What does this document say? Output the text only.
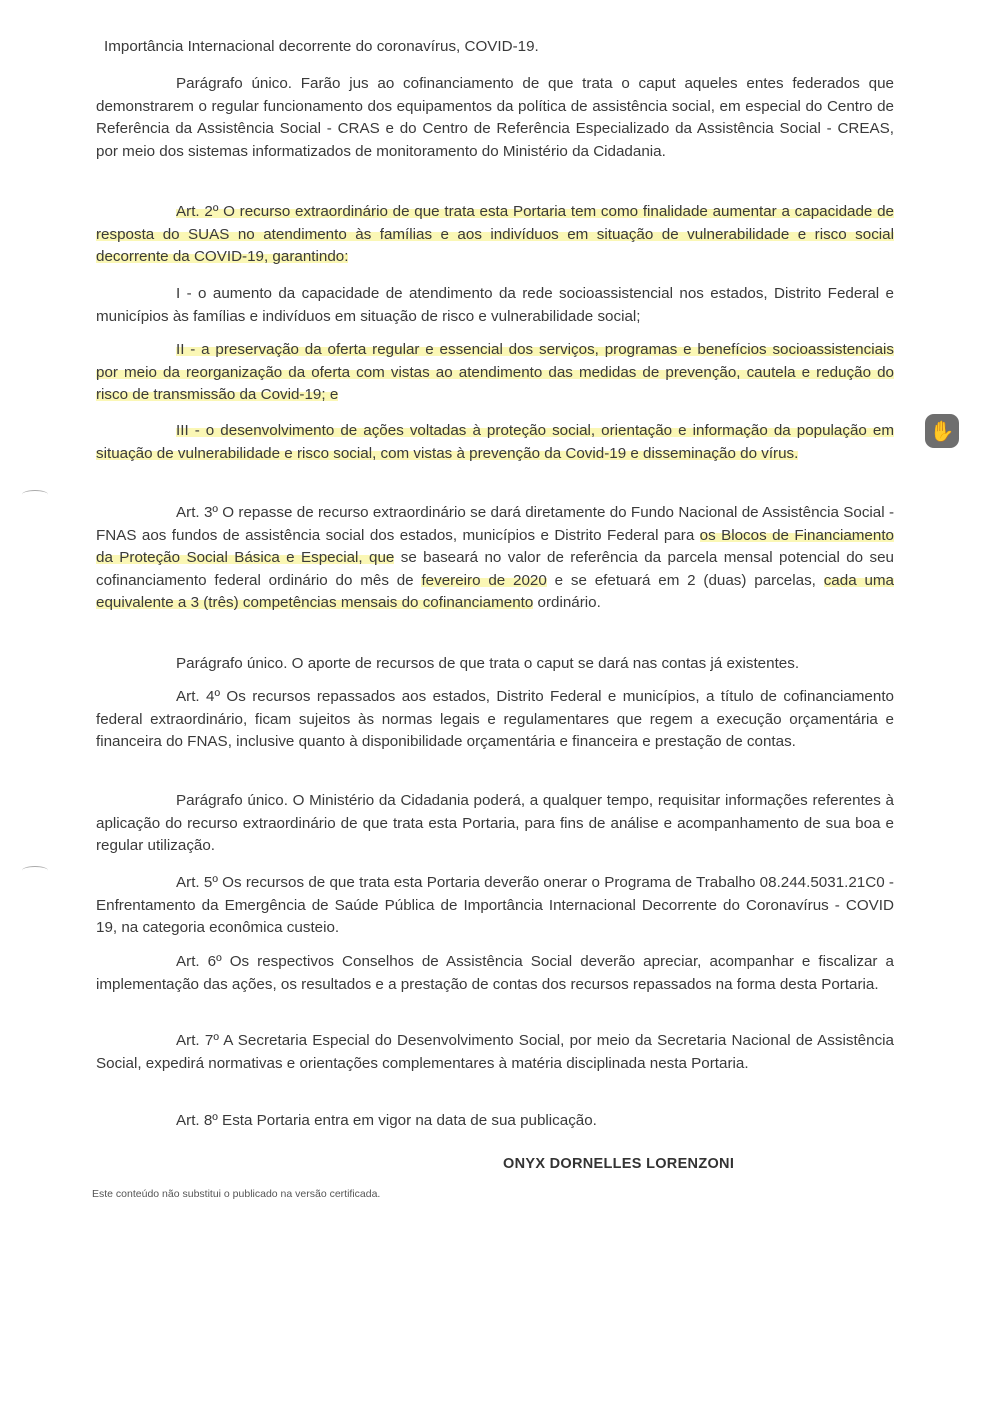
Importância Internacional decorrente do coronavírus, COVID-19.

Parágrafo único. Farão jus ao cofinanciamento de que trata o caput aqueles entes federados que demonstrarem o regular funcionamento dos equipamentos da política de assistência social, em especial do Centro de Referência da Assistência Social - CRAS e do Centro de Referência Especializado da Assistência Social - CREAS, por meio dos sistemas informatizados de monitoramento do Ministério da Cidadania.

Art. 2º O recurso extraordinário de que trata esta Portaria tem como finalidade aumentar a capacidade de resposta do SUAS no atendimento às famílias e aos indivíduos em situação de vulnerabilidade e risco social decorrente da COVID-19, garantindo:

I - o aumento da capacidade de atendimento da rede socioassistencial nos estados, Distrito Federal e municípios às famílias e indivíduos em situação de risco e vulnerabilidade social;

II - a preservação da oferta regular e essencial dos serviços, programas e benefícios socioassistenciais por meio da reorganização da oferta com vistas ao atendimento das medidas de prevenção, cautela e redução do risco de transmissão da Covid-19; e

III - o desenvolvimento de ações voltadas à proteção social, orientação e informação da população em situação de vulnerabilidade e risco social, com vistas à prevenção da Covid-19 e disseminação do vírus.

Art. 3º O repasse de recurso extraordinário se dará diretamente do Fundo Nacional de Assistência Social - FNAS aos fundos de assistência social dos estados, municípios e Distrito Federal para os Blocos de Financiamento da Proteção Social Básica e Especial, que se baseará no valor de referência da parcela mensal potencial do seu cofinanciamento federal ordinário do mês de fevereiro de 2020 e se efetuará em 2 (duas) parcelas, cada uma equivalente a 3 (três) competências mensais do cofinanciamento ordinário.

Parágrafo único. O aporte de recursos de que trata o caput se dará nas contas já existentes.

Art. 4º Os recursos repassados aos estados, Distrito Federal e municípios, a título de cofinanciamento federal extraordinário, ficam sujeitos às normas legais e regulamentares que regem a execução orçamentária e financeira do FNAS, inclusive quanto à disponibilidade orçamentária e financeira e prestação de contas.

Parágrafo único. O Ministério da Cidadania poderá, a qualquer tempo, requisitar informações referentes à aplicação do recurso extraordinário de que trata esta Portaria, para fins de análise e acompanhamento de sua boa e regular utilização.

Art. 5º Os recursos de que trata esta Portaria deverão onerar o Programa de Trabalho 08.244.5031.21C0 - Enfrentamento da Emergência de Saúde Pública de Importância Internacional Decorrente do Coronavírus - COVID 19, na categoria econômica custeio.

Art. 6º Os respectivos Conselhos de Assistência Social deverão apreciar, acompanhar e fiscalizar a implementação das ações, os resultados e a prestação de contas dos recursos repassados na forma desta Portaria.

Art. 7º A Secretaria Especial do Desenvolvimento Social, por meio da Secretaria Nacional de Assistência Social, expedirá normativas e orientações complementares à matéria disciplinada nesta Portaria.

Art. 8º Esta Portaria entra em vigor na data de sua publicação.

ONYX DORNELLES LORENZONI
Este conteúdo não substitui o publicado na versão certificada.
✋
